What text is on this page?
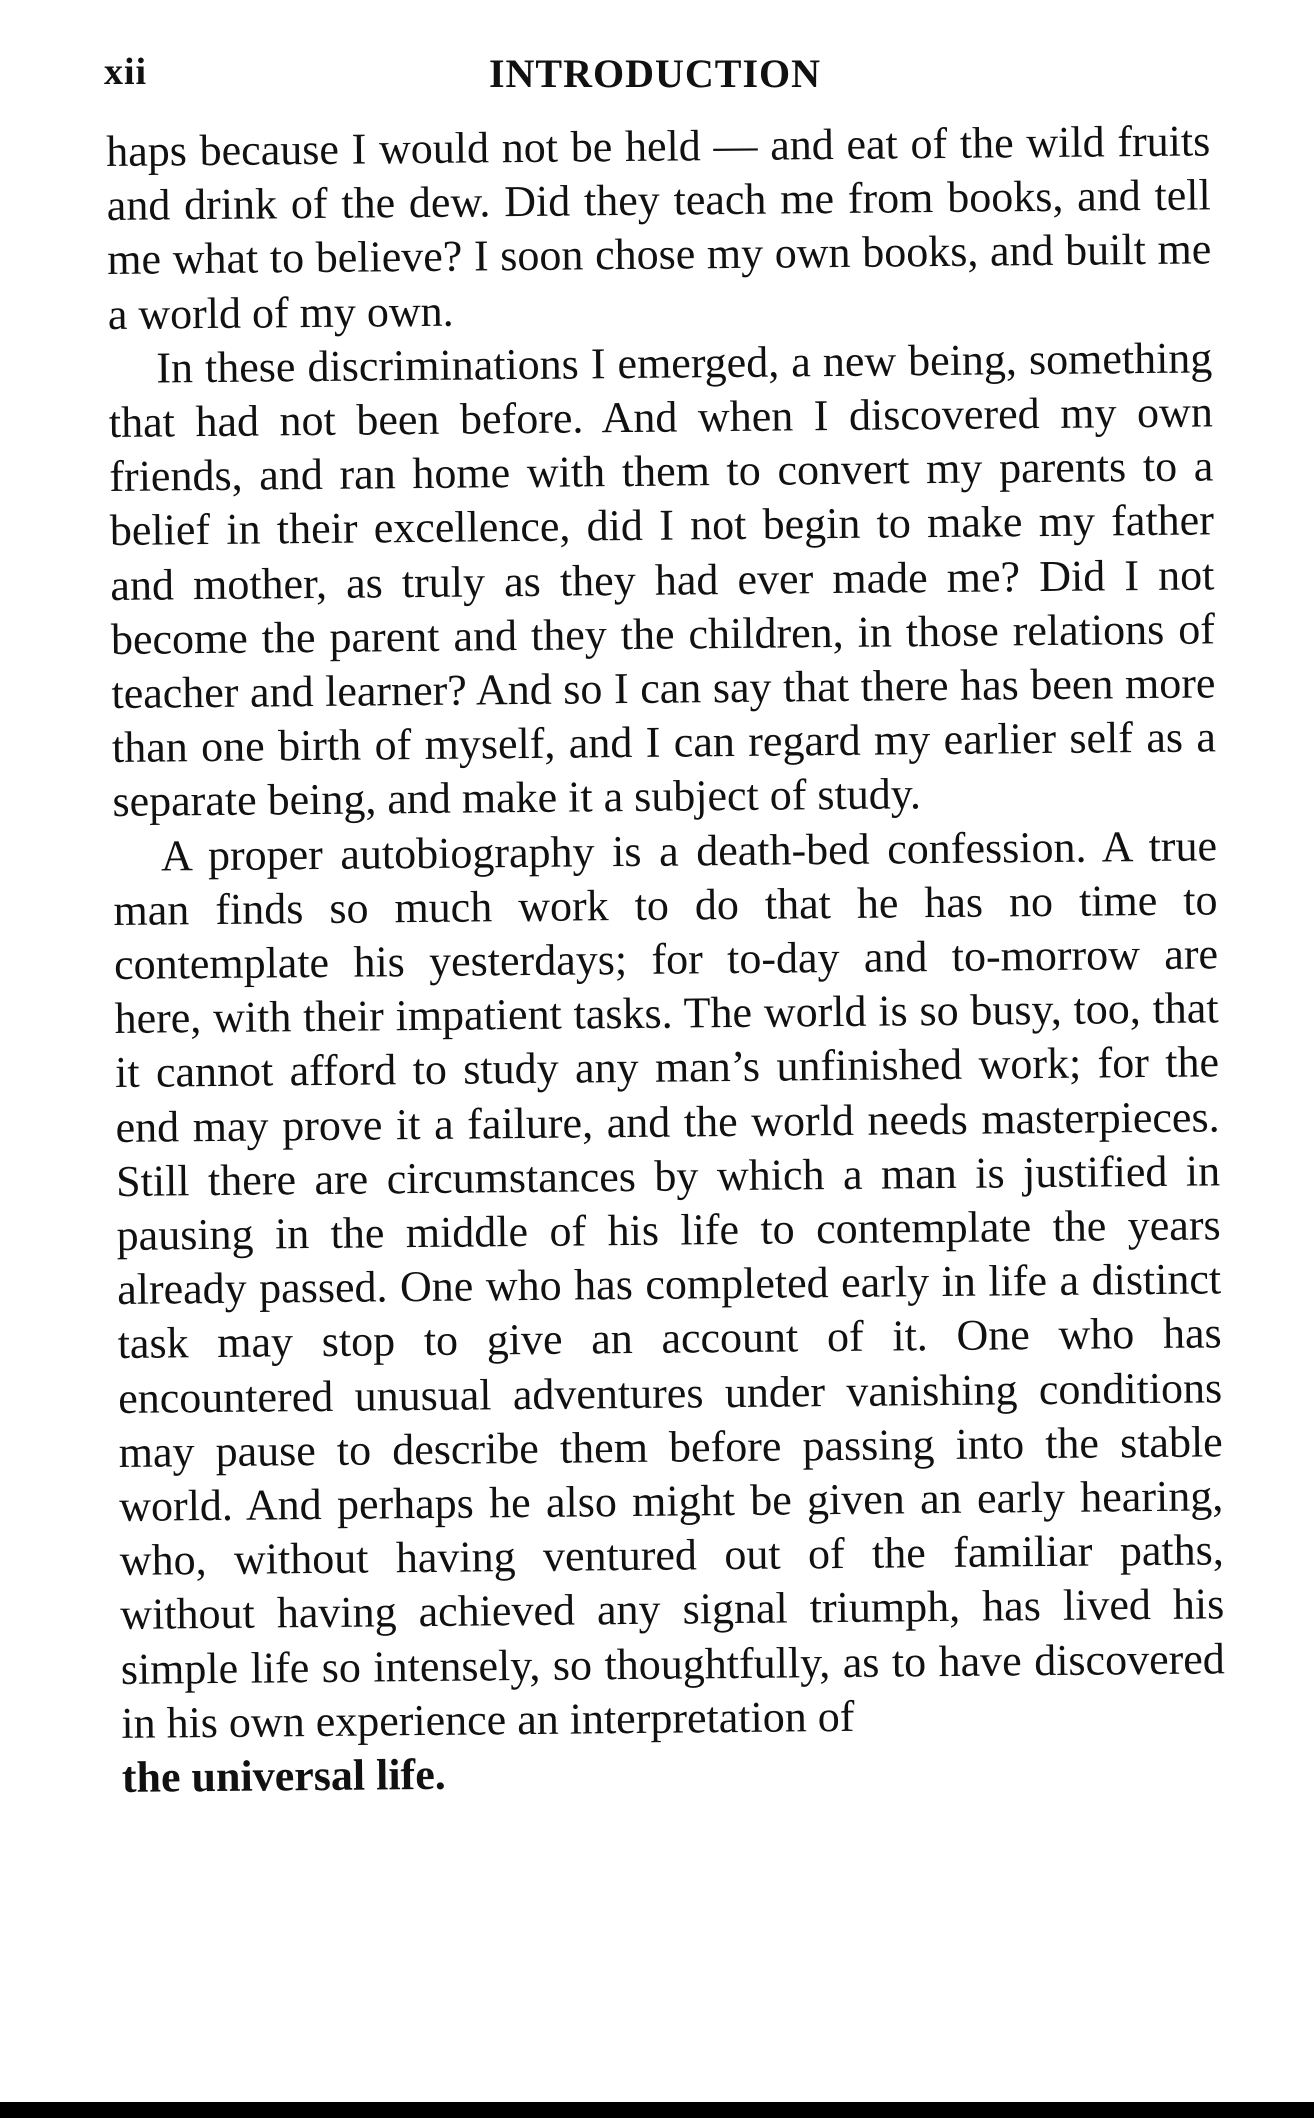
xii	INTRODUCTION

haps because I would not be held — and eat of the wild fruits and drink of the dew. Did they teach me from books, and tell me what to believe? I soon chose my own books, and built me a world of my own.

In these discriminations I emerged, a new being, something that had not been before. And when I discovered my own friends, and ran home with them to convert my parents to a belief in their excellence, did I not begin to make my father and mother, as truly as they had ever made me? Did I not become the parent and they the children, in those relations of teacher and learner? And so I can say that there has been more than one birth of myself, and I can regard my earlier self as a separate being, and make it a subject of study.

A proper autobiography is a death-bed confession. A true man finds so much work to do that he has no time to contemplate his yesterdays; for to-day and to-morrow are here, with their impatient tasks. The world is so busy, too, that it cannot afford to study any man’s unfinished work; for the end may prove it a failure, and the world needs masterpieces. Still there are circumstances by which a man is justified in pausing in the middle of his life to contemplate the years already passed. One who has completed early in life a distinct task may stop to give an account of it. One who has encountered unusual adventures under vanishing conditions may pause to describe them before passing into the stable world. And perhaps he also might be given an early hearing, who, without having ventured out of the familiar paths, without having achieved any signal triumph, has lived his simple life so intensely, so thoughtfully, as to have discovered in his own experience an interpretation of

the universal life.
